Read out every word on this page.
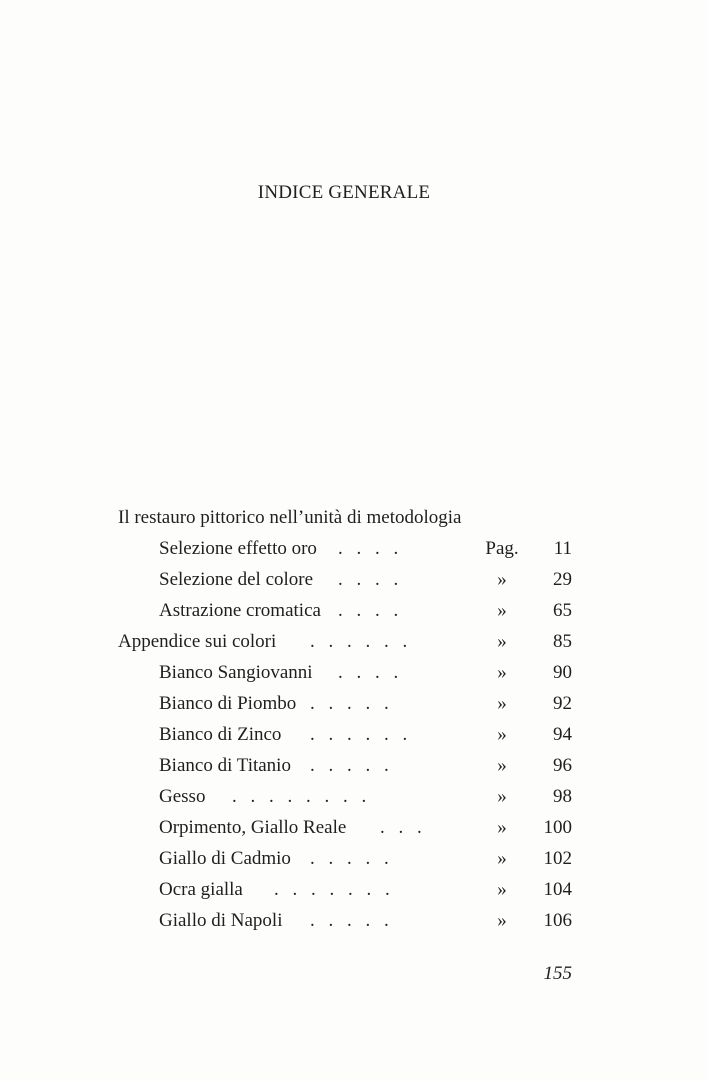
INDICE GENERALE
Il restauro pittorico nell’unità di metodologia
Selezione effetto oro . . . .	Pag.	11
Selezione del colore . . . .	»	29
Astrazione cromatica . . . .	»	65
Appendice sui colori . . . . . .	»	85
Bianco Sangiovanni . . . .	»	90
Bianco di Piombo . . . . .	»	92
Bianco di Zinco . . . . . .	»	94
Bianco di Titanio . . . . .	»	96
Gesso . . . . . . . .	»	98
Orpimento, Giallo Reale . . .	»	100
Giallo di Cadmio . . . . .	»	102
Ocra gialla . . . . . . .	»	104
Giallo di Napoli . . . . .	»	106
155
